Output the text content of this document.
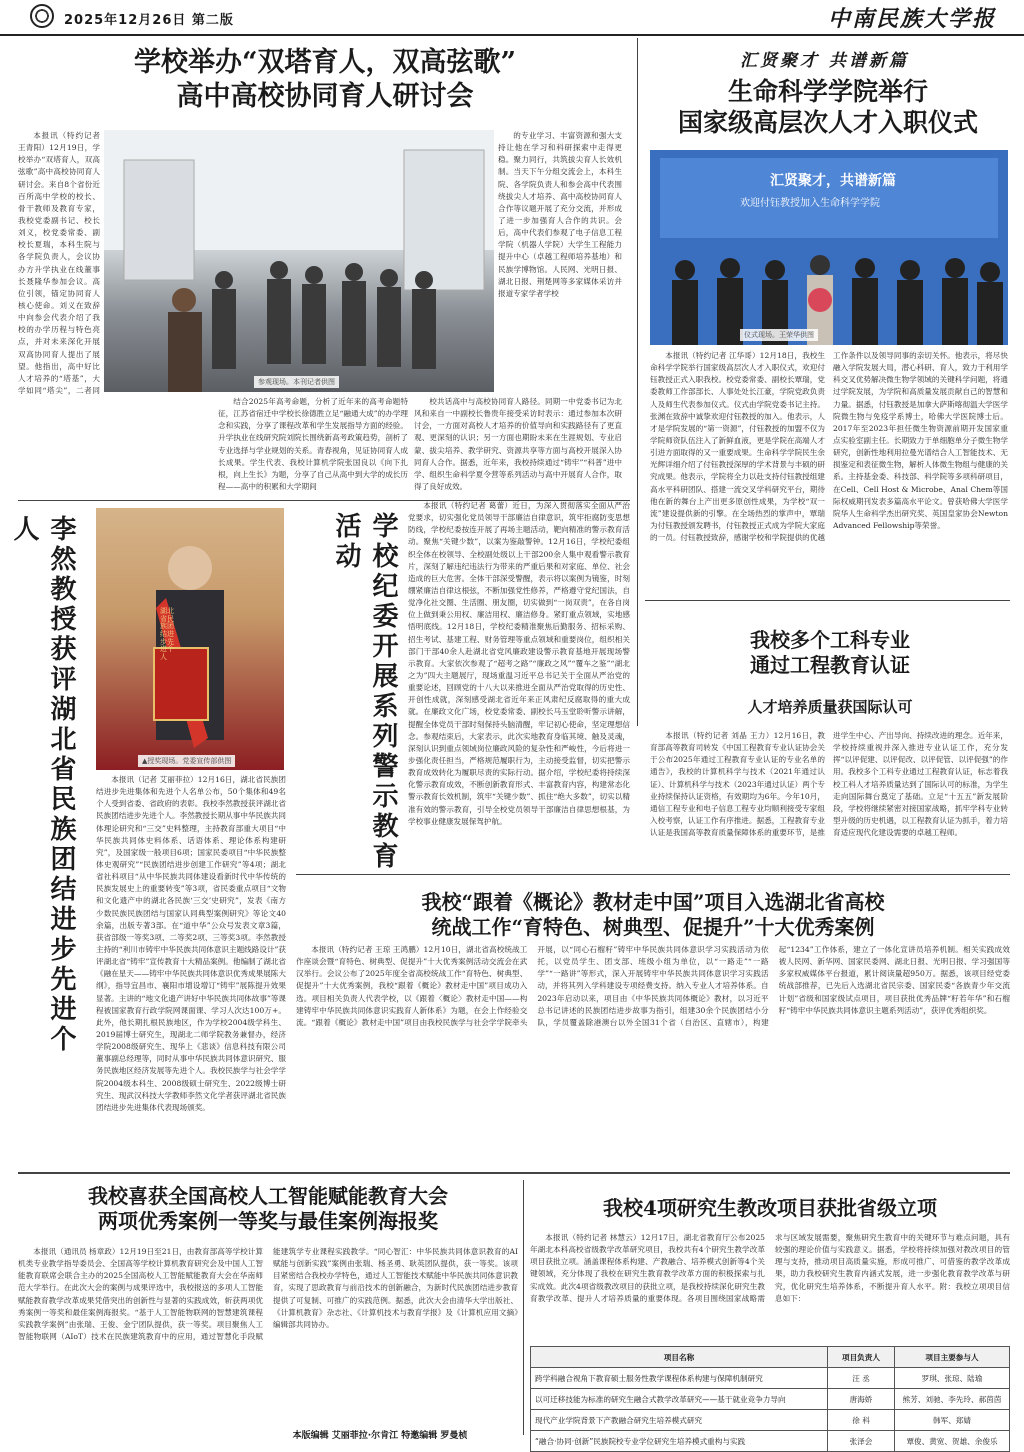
2025年12月26日 第二版	中南民族大学报
学校举办“双塔育人，双高弦歌”
高中高校协同育人研讨会
参观现场。本刊记者供图

本报讯（特约记者 王青阳）12月19日，学校举办“双塔育人，双高弦歌”高中高校协同育人研讨会。来自8个省份近百所高中学校的校长、骨干教师及教育专家，我校党委副书记、校长刘义，校党委常委、副校长夏瑞，本科生院与各学院负责人，会议协办方升学执业在线董事长聂隆华参加会议。高位引领，锚定协同育人核心使命。刘义在致辞中向参会代表介绍了我校的办学历程与特色亮点，并对未来深化开展双高协同育人提出了展望。他指出，高中好比人才培养的“塔基”，大学如同“塔尖”，二者同

的专业学习、丰富资源和强大支持让他在学习和科研探索中走得更稳。聚力同行，共筑拔尖育人长效机制。当天下午分组交流会上，本科生院、各学院负责人和参会高中代表围绕拔尖人才培养、高中高校协同育人合作等议题开展了充分交流，并形成了进一步加强育人合作的共识。会后，高中代表们参观了电子信息工程学院（机器人学院）大学生工程能力提升中心（卓越工程师培养基地）和民族学博物馆。人民网、光明日报、湖北日报、荆楚网等多家媒体采访并报道专家学者学校

结合2025年高考命题，分析了近年来的高考命题特征，江苏省宿迁中学校长徐德胜立足“融通大成”的办学理念和实践，分享了课程改革和学生发展指导方面的经验。升学执业在线研究院刘院长围绕新高考政策趋势，剖析了专业选择与学业规划的关系。青春视角，见证协同育人成长成果。学生代表、我校计算机学院张国良以《向下扎根，向上生长》为题，分享了自己从高中到大学的成长历程——高中的积累和大学期间

校共话高中与高校协同育人路径。同期一中党委书记为北风和来自一中副校长鲁贵年接受采访时表示：通过参加本次研讨会，一方面对高校人才培养的价值导向和实践路径有了更直观、更深刻的认识；另一方面也期盼未来在生涯规划、专业启蒙、拔尖培养、教学研究、资源共享等方面与高校开展深入协同育人合作。据悉，近年来，我校持续通过“铸牢”“科普”进中学、组织生命科学夏令营等系列活动与高中开展育人合作，取得了良好成效。

汇贤聚才 共谱新篇
生命科学学院举行
国家级高层次人才入职仪式
汇贤聚才，共谱新篇
欢迎付钰教授加入生命科学学院
仪式现场。王荣华供图

本报讯（特约记者 江华哥）12月18日，我校生命科学学院举行国家级高层次人才入职仪式，欢迎付钰教授正式入职我校。校党委常委、副校长覃瑞，党委教师工作部部长、人事处处长江豪，学院党政负责人及师生代表参加仪式。仪式由学院党委书记主持。张渊在致辞中诚挚欢迎付钰教授的加入。他表示，人才是学院发展的“第一资源”，付钰教授的加盟不仅为学院师资队伍注入了新鲜血液，更是学院在高端人才引进方面取得的又一重要成果。生命科学学院民生余光辉详细介绍了付钰教授深厚的学术背景与丰硕的研究成果。他表示，学院将全力以赴支持付钰教授组建高水平科研团队、搭建一流交叉学科研究平台，期待他在新的舞台上产出更多原创性成果，为学校“双一流”建设提供新的引擎。在全场热烈的掌声中，覃瑞为付钰教授颁发聘书，付钰教授正式成为学院大家庭的一员。付钰教授致辞，感谢学校和学院提供的优越工作条件以及领导同事的亲切关怀。他表示，将尽快融入学院发展大局，潜心科研、育人，致力于利用学科交叉优势解决微生物学领域的关键科学问题，将通过学院发展，为学院和高质量发展贡献自己的智慧和力量。据悉，付钰教授是加拿大萨斯喀彻温大学医学院微生物与免疫学系博士，哈佛大学医院博士后。2017年至2023年担任微生物资源前期开发国家重点实验室副主任。长期致力于单细胞单分子微生物学研究，创新性地利用拉曼光谱结合人工智能技术、无损鉴定和表征微生物，解析人体微生物组与健康的关系。主持基金委、科技部、科学院等多项科研项目，在Cell、Cell Host & Microbe、Anal Chem等国际权威期刊发表多篇高水平论文。曾获哈佛大学医学院华人生命科学杰出研究奖、英国皇家协会Newton Advanced Fellowship等荣誉。

李然教授获评湖北省民族团结进步先进个人
湖北省民族团结进步先进个人
▲授奖现场。党委宣传部供图

本报讯（记者 艾丽菲拉）12月16日，湖北省民族团结进步先进集体和先进个人名单公布，50个集体和49名个人受到省委、省政府的表彰。我校李然教授获评湖北省民族团结进步先进个人。李然教授长期从事中华民族共同体理论研究和“三交”史料整理，主持教育部重大项目“中华民族共同体史料体系、话语体系、理论体系构建研究”，及国家级一般项目6项；国家民委项目“中华民族整体史观研究”“民族团结进步创建工作研究”等4项；湖北省社科项目“从中华民族共同体建设看新时代中华传统的民族发展史上的重要转变”等3项，省民委重点项目“文物和文化遗产中的湖北各民族‘三交’史研究”，发表《南方少数民族民族团结与国家认同典型案例研究》等论文40余篇，出版专著3部。在“道中华”公众号发表文章3篇，获省部级一等奖3项、二等奖2项、三等奖3项。李然教授主持的“利川市铸牢中华民族共同体意识主题线路设计”获评湖北省“铸牢”宣传教育十大精品案例。他编制了湖北省《融在星天——铸牢中华民族共同体意识优秀成果展陈大纲》，指导宜昌市、襄阳市增设增订“铸牢”展陈提升效果显著。主讲的“地文化遗产讲好中华民族共同体故事”等课程被国家教育行政学院网课面课、学习人次达100万+。此外，他长期扎根民族地区，作为学校2004级学科生、2019届博士研究生，现湖北二师学院教务兼督办，经济学院2008级研究生、现华上《悲谈》信息科技有限公司董事副总经理等，同时从事中华民族共同体意识研究、服务民族地区经济发展等先进个人。我校民族学与社会学学院2004级本科生、2008级硕士研究生、2022级博士研究生、现武汉科技大学教师李然文化学者获评湖北省民族团结进步先进集体代表现场颁奖。

学校纪委开展系列警示教育活动

本报讯（特约记者 葛蕾）近日，为深入贯彻落实全面从严治党要求，切实强化党员领导干部廉洁自律意识，筑牢拒腐防变思想防线，学校纪委按连开展了再场主题活动，靶向精准的警示教育活动。聚焦“关键少数”，以案为鉴敲警钟。12月16日，学校纪委组织全体在校领导、全校副处级以上干部200余人集中观看警示教育片，深刻了解违纪违法行为带来的严重后果和对家庭、单位、社会造成的巨大危害。全体干部深受警醒，表示将以案例为镜鉴，时刻绷紧廉洁自律这根弦，不断加强党性修养，严格遵守党纪国法，自觉净化社交圈、生活圈、朋友圈，切实做到“一岗双责”，在各自岗位上做到秉公用权、廉洁用权、廉洁修身。紧盯重点领域，实地感悟明底线。12月18日，学校纪委精准聚焦后勤服务、招标采购、招生考试、基建工程、财务管理等重点领域和重要岗位，组织相关部门干部40余人赴湖北省党风廉政建设警示教育基地开展现场警示教育。大家依次参观了“超考之路”“廉政之风”“覆车之鉴”“湖北之为”四大主题展厅，现场重温习近平总书记关于全面从严治党的重要论述，回顾党的十八大以来推进全面从严治党取得的历史性、开创性成就，深刻感受湖北省近年来正风肃纪反腐取得的重大成就。在廉政文化广场，校党委常委、副校长马玉堂聆听警示讲解，提醒全体党员干部时刻保持头脑清醒，牢记初心使命，坚定理想信念。参观结束后，大家表示，此次实地教育身临其境、触及灵魂，深刻认识到重点领域岗位廉政风险的复杂性和严峻性，今后将进一步强化责任担当，严格规范履职行为，主动接受监督，切实把警示教育成效转化为履职尽责的实际行动。据介绍，学校纪委将持续深化警示教育成效，不断创新教育形式、丰富教育内容，构建常态化警示教育长效机制，筑牢“关键少数”、抓住“绝大多数”，切实以精准有效的警示教育，引导全校党员领导干部廉洁自律思想根基，为学校事业健康发展保驾护航。

我校多个工科专业
通过工程教育认证
人才培养质量获国际认可

本报讯（特约记者 刘晶 王力）12月16日，教育部高等教育司转发《中国工程教育专业认证协会关于公布2025年通过工程教育专业认证的专业名单的通告》，我校的计算机科学与技术（2021年通过认证）、计算机科学与技术（2023年通过认证）两个专业持续保持认证资格，有效期均为6年。今年10月，通信工程专业和电子信息工程专业均顺利接受专家组入校考察，认证工作有序推进。据悉，工程教育专业认证是我国高等教育质量保障体系的重要环节，是推进学生中心、产出导向、持续改进的理念。近年来，学校持续重视并深入推进专业认证工作，充分发挥“以评促建、以评促改、以评促管、以评促强”的作用。我校多个工科专业通过工程教育认证，标志着我校工科人才培养质量达到了国际认可的标准，为学生走向国际舞台奠定了基础。立足“十五五”新发展阶段，学校将继续紧密对接国家战略，抓牢学科专业转型升级的历史机遇，以工程教育认证为抓手，着力培育适应现代化建设需要的卓越工程师。

我校“跟着《概论》教材走中国”项目入选湖北省高校
统战工作“育特色、树典型、促提升”十大优秀案例

本报讯（特约记者 王琼 王鸿鹏）12月10日，湖北省高校统战工作座谈会暨“育特色、树典型、促提升”十大优秀案例活动交流会在武汉举行。会议公布了2025年度全省高校统战工作“育特色、树典型、促提升”十大优秀案例，我校“跟着《概论》教材走中国”项目成功入选。项目相关负责人代表学校，以《跟着〈概论〉教材走中国——构建铸牢中华民族共同体意识实践育人新体系》为题，在会上作经验交流。“跟着《概论》教材走中国”项目由我校民族学与社会学学院牵头开展，以“同心石榴籽”铸牢中华民族共同体意识学习实践活动为依托，以党员学生、团支部、班级小组为单位，以“一路走”“一路学”“一路讲”等形式，深入开展铸牢中华民族共同体意识学习实践活动，并将其列入学科建设专项经费支持。纳入专业人才培养体系。自2023年启动以来，项目由《中华民族共同体概论》教材，以习近平总书记讲述的民族团结进步故事为指引，组建30余个民族团结小分队，学员覆盖除港澳台以外全国31个省（自治区、直辖市），构建起“1234”工作体系，建立了一体化宣讲员培养机制。相关实践成效被人民网、新华网、国家民委网、湖北日报、光明日报、学习强国等多家权威媒体平台报道，累计阅读量超950万。据悉，该项目经党委统战部推荐，已先后入选湖北省民宗委、国家民委“各族青少年交流计划”省级和国家级试点项目，项目获批优秀品牌“籽若年华”和石榴籽“铸牢中华民族共同体意识主题系列活动”，获评优秀组织奖。

我校喜获全国高校人工智能赋能教育大会
两项优秀案例一等奖与最佳案例海报奖

本报讯（通讯员 杨章政）12月19日至21日，由教育部高等学校计算机类专业教学指导委员会、全国高等学校计算机教育研究会及中国人工智能教育联席会联合主办的2025全国高校人工智能赋能教育大会在华南师范大学举行。在此次大会的案例与成果评选中，我校报送的多项人工智能赋能教育教学改革成果凭借突出的创新性与显著的实践成效，斩获两项优秀案例一等奖和最佳案例海报奖。“基于人工智能物联网的智慧建筑课程实践教学案例”由张瑞、王俊、金宁团队提供，获一等奖。项目聚焦人工智能物联网（AIoT）技术在民族建筑教育中的应用，通过智慧化手段赋能建筑学专业课程实践教学。“同心智汇：中华民族共同体意识教育的AI赋能与创新实践”案例由张瑞、杨圣勇、耿英团队提供，获一等奖。该项目紧密结合我校办学特色，通过人工智能技术赋能中华民族共同体意识教育，实现了思政教育与前沿技术的创新融合，为新时代民族团结进步教育提供了可复制、可推广的实践范例。据悉，此次大会由清华大学出版社、《计算机教育》杂志社、《计算机技术与教育学报》及《计算机应用文摘》编辑部共同协办。

本版编辑 艾丽菲拉·尔肯江 特邀编辑 罗曼桢
我校4项研究生教改项目获批省级立项

本报讯（特约记者 林慧云）12月17日，湖北省教育厅公布2025年湖北本科高校省级教学改革研究项目，我校共有4个研究生教学改革项目获批立项。涵盖课程体系构建、产教融合、培养模式创新等4个关键领域，充分体现了我校在研究生教育教学改革方面的积极探索与扎实成效。此次4项省级教改项目的获批立项，是我校持续深化研究生教育教学改革、提升人才培养质量的重要体现。各项目围绕国家战略需求与区域发展需要，聚焦研究生教育中的关键环节与难点问题，具有较强的理论价值与实践意义。据悉，学校将持续加强对教改项目的管理与支持，推动项目高质量实施，形成可推广、可借鉴的教学改革成果，助力我校研究生教育内涵式发展，进一步强化教育教学改革与研究，优化研究生培养体系，不断提升育人水平。附：我校立项项目信息如下：

项目名称	项目负责人	项目主要参与人
跨学科融合视角下教育硕士服务性教学课程体系构建与保障机制研究	汪 丞	罗琪、张琼、陆瑜
以可迁移技能为标准的研究生融合式教学改革研究——基于就业竞争力导向	唐海娇	熊芳、刘驰、李先玲、郝茵茵
现代产业学院背景下产教融合研究生培养模式研究	徐 科	韩军、郑婧
“融合·协同·创新”民族院校专业学位研究生培养模式重构与实践	张泽会	覃俊、黄宽、贺雄、余俊乐
